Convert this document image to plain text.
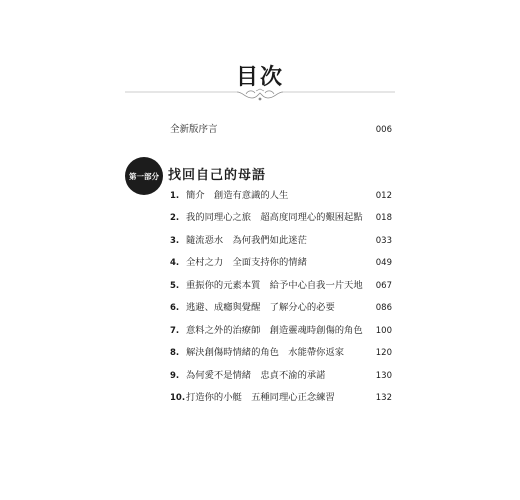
目次
全新版序言	006
第一部分 找回自己的母語
1. 簡介　創造有意識的人生	012
2. 我的同理心之旅　超高度同理心的艱困起點 018
3. 隨流惡水　為何我們如此迷茫	033
4. 全村之力　全面支持你的情緒	049
5. 重振你的元素本質　給予中心自我一片天地 067
6. 逃避、成癮與覺醒　了解分心的必要	086
7. 意料之外的治療師　創造靈魂時創傷的角色 100
8. 解決創傷時情緒的角色　水能帶你返家	120
9. 為何愛不是情緒　忠貞不渝的承諾	130
10. 打造你的小艇　五種同理心正念練習	132
